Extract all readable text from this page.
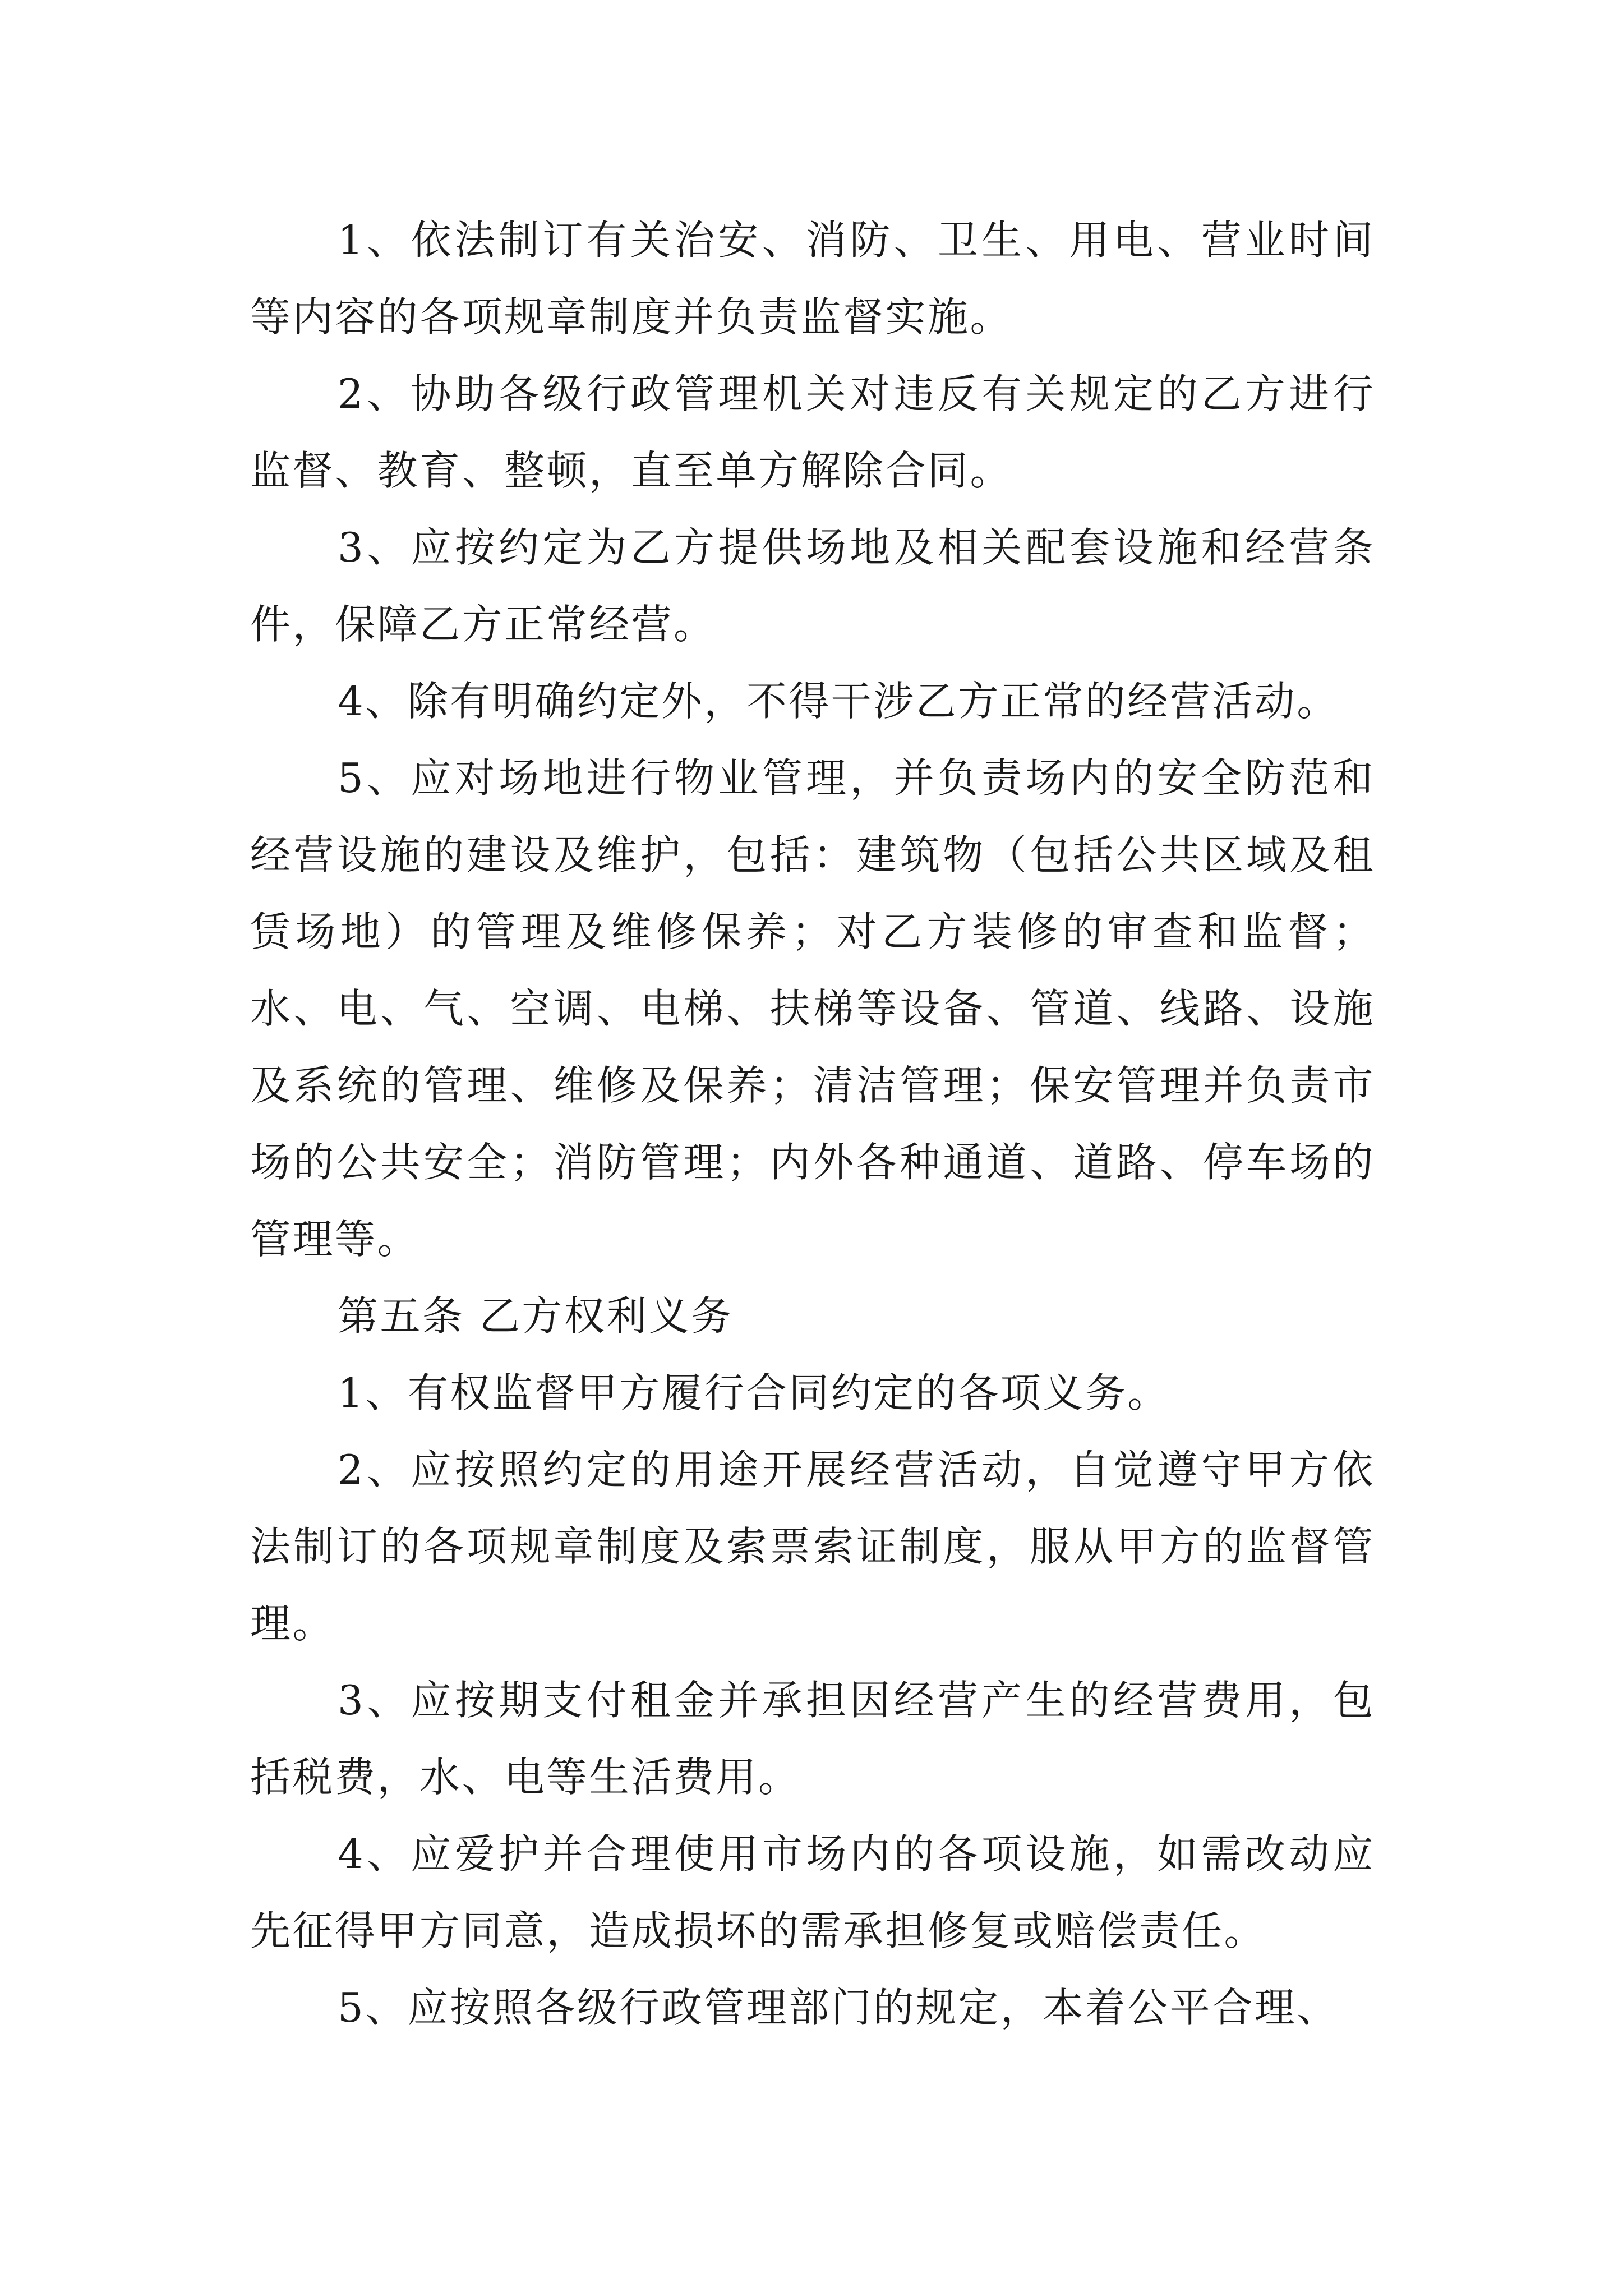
1、依法制订有关治安、消防、卫生、用电、营业时间等内容的各项规章制度并负责监督实施。

2、协助各级行政管理机关对违反有关规定的乙方进行监督、教育、整顿，直至单方解除合同。

3、应按约定为乙方提供场地及相关配套设施和经营条件，保障乙方正常经营。

4、除有明确约定外，不得干涉乙方正常的经营活动。

5、应对场地进行物业管理，并负责场内的安全防范和经营设施的建设及维护，包括：建筑物（包括公共区域及租赁场地）的管理及维修保养；对乙方装修的审查和监督；水、电、气、空调、电梯、扶梯等设备、管道、线路、设施及系统的管理、维修及保养；清洁管理；保安管理并负责市场的公共安全；消防管理；内外各种通道、道路、停车场的管理等。

第五条 乙方权利义务

1、有权监督甲方履行合同约定的各项义务。

2、应按照约定的用途开展经营活动，自觉遵守甲方依法制订的各项规章制度及索票索证制度，服从甲方的监督管理。

3、应按期支付租金并承担因经营产生的经营费用，包括税费，水、电等生活费用。

4、应爱护并合理使用市场内的各项设施，如需改动应先征得甲方同意，造成损坏的需承担修复或赔偿责任。

5、应按照各级行政管理部门的规定，本着公平合理、
